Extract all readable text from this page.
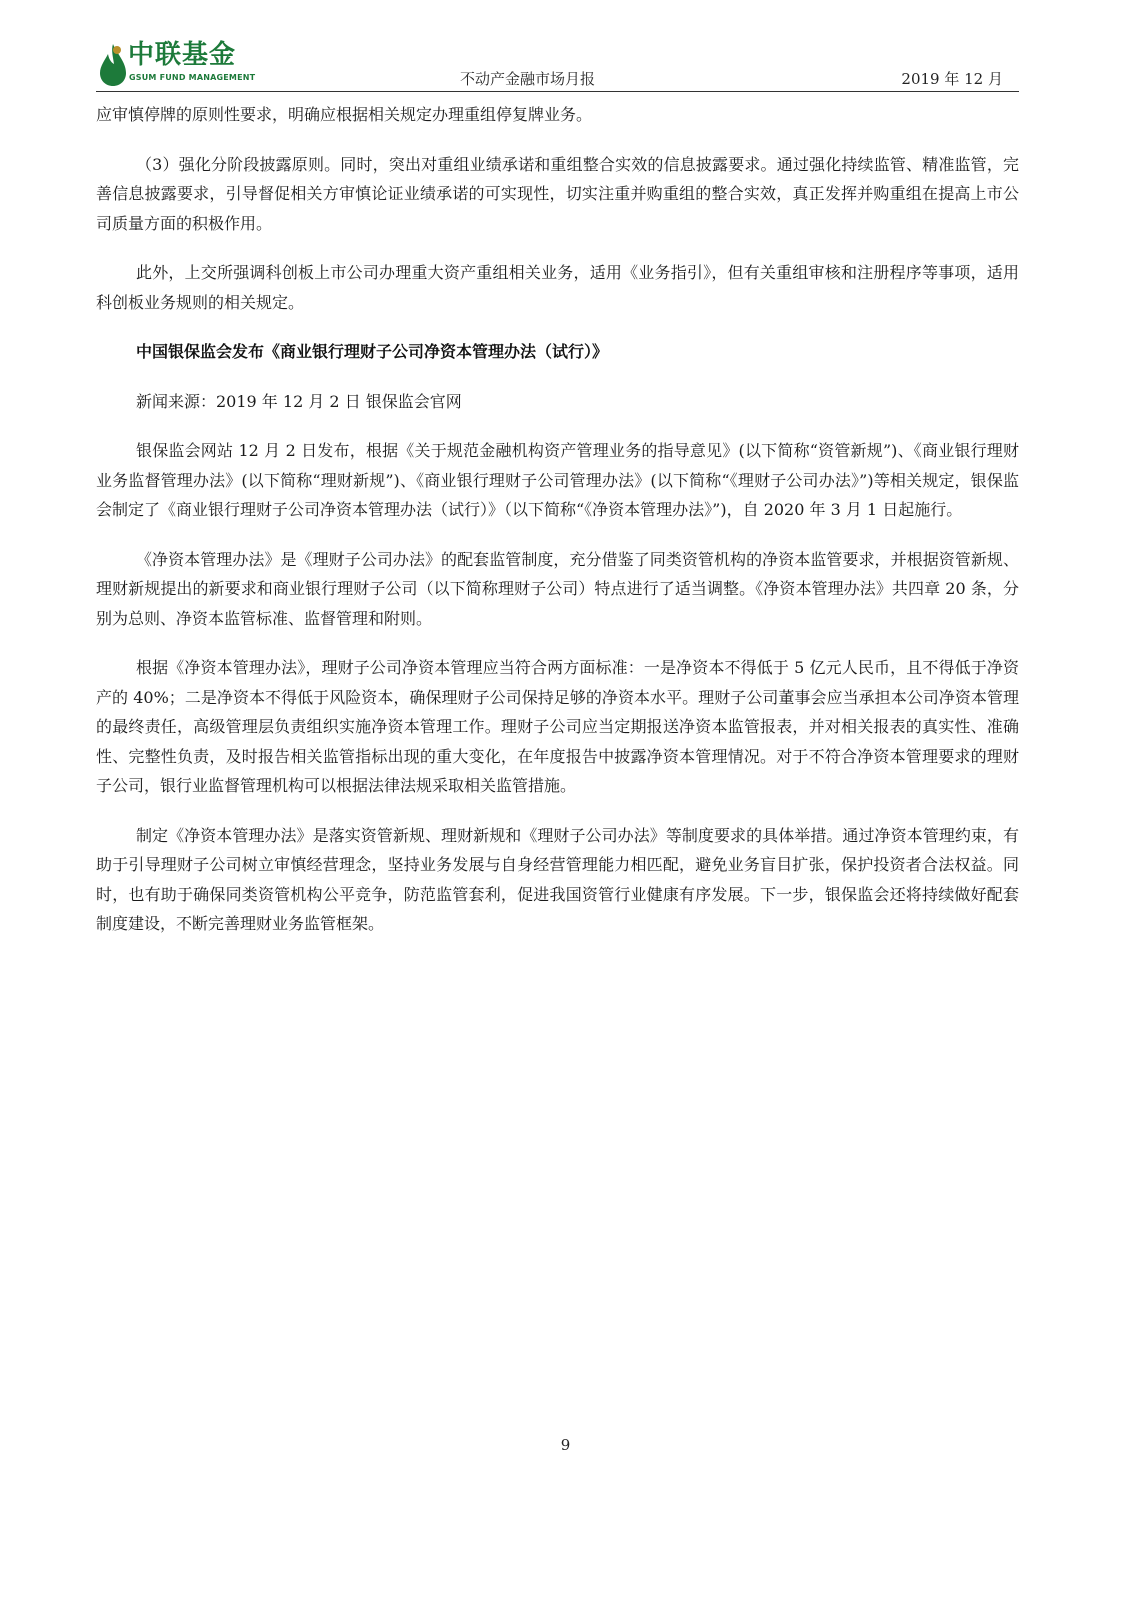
中联基金
GSUM FUND MANAGEMENT	不动产金融市场月报	2019 年 12 月

应审慎停牌的原则性要求，明确应根据相关规定办理重组停复牌业务。

（3）强化分阶段披露原则。同时，突出对重组业绩承诺和重组整合实效的信息披露要求。通过强化持续监管、精准监管，完善信息披露要求，引导督促相关方审慎论证业绩承诺的可实现性，切实注重并购重组的整合实效，真正发挥并购重组在提高上市公司质量方面的积极作用。

此外，上交所强调科创板上市公司办理重大资产重组相关业务，适用《业务指引》，但有关重组审核和注册程序等事项，适用科创板业务规则的相关规定。

中国银保监会发布《商业银行理财子公司净资本管理办法（试行）》

新闻来源：2019 年 12 月 2 日 银保监会官网

银保监会网站 12 月 2 日发布，根据《关于规范金融机构资产管理业务的指导意见》(以下简称“资管新规”)、《商业银行理财业务监督管理办法》(以下简称“理财新规”)、《商业银行理财子公司管理办法》(以下简称“《理财子公司办法》”)等相关规定，银保监会制定了《商业银行理财子公司净资本管理办法（试行）》（以下简称“《净资本管理办法》”)，自 2020 年 3 月 1 日起施行。

《净资本管理办法》是《理财子公司办法》的配套监管制度，充分借鉴了同类资管机构的净资本监管要求，并根据资管新规、理财新规提出的新要求和商业银行理财子公司（以下简称理财子公司）特点进行了适当调整。《净资本管理办法》共四章 20 条，分别为总则、净资本监管标准、监督管理和附则。

根据《净资本管理办法》，理财子公司净资本管理应当符合两方面标准：一是净资本不得低于 5 亿元人民币，且不得低于净资产的 40%；二是净资本不得低于风险资本，确保理财子公司保持足够的净资本水平。理财子公司董事会应当承担本公司净资本管理的最终责任，高级管理层负责组织实施净资本管理工作。理财子公司应当定期报送净资本监管报表，并对相关报表的真实性、准确性、完整性负责，及时报告相关监管指标出现的重大变化，在年度报告中披露净资本管理情况。对于不符合净资本管理要求的理财子公司，银行业监督管理机构可以根据法律法规采取相关监管措施。

制定《净资本管理办法》是落实资管新规、理财新规和《理财子公司办法》等制度要求的具体举措。通过净资本管理约束，有助于引导理财子公司树立审慎经营理念，坚持业务发展与自身经营管理能力相匹配，避免业务盲目扩张，保护投资者合法权益。同时，也有助于确保同类资管机构公平竞争，防范监管套利，促进我国资管行业健康有序发展。下一步，银保监会还将持续做好配套制度建设，不断完善理财业务监管框架。

9
